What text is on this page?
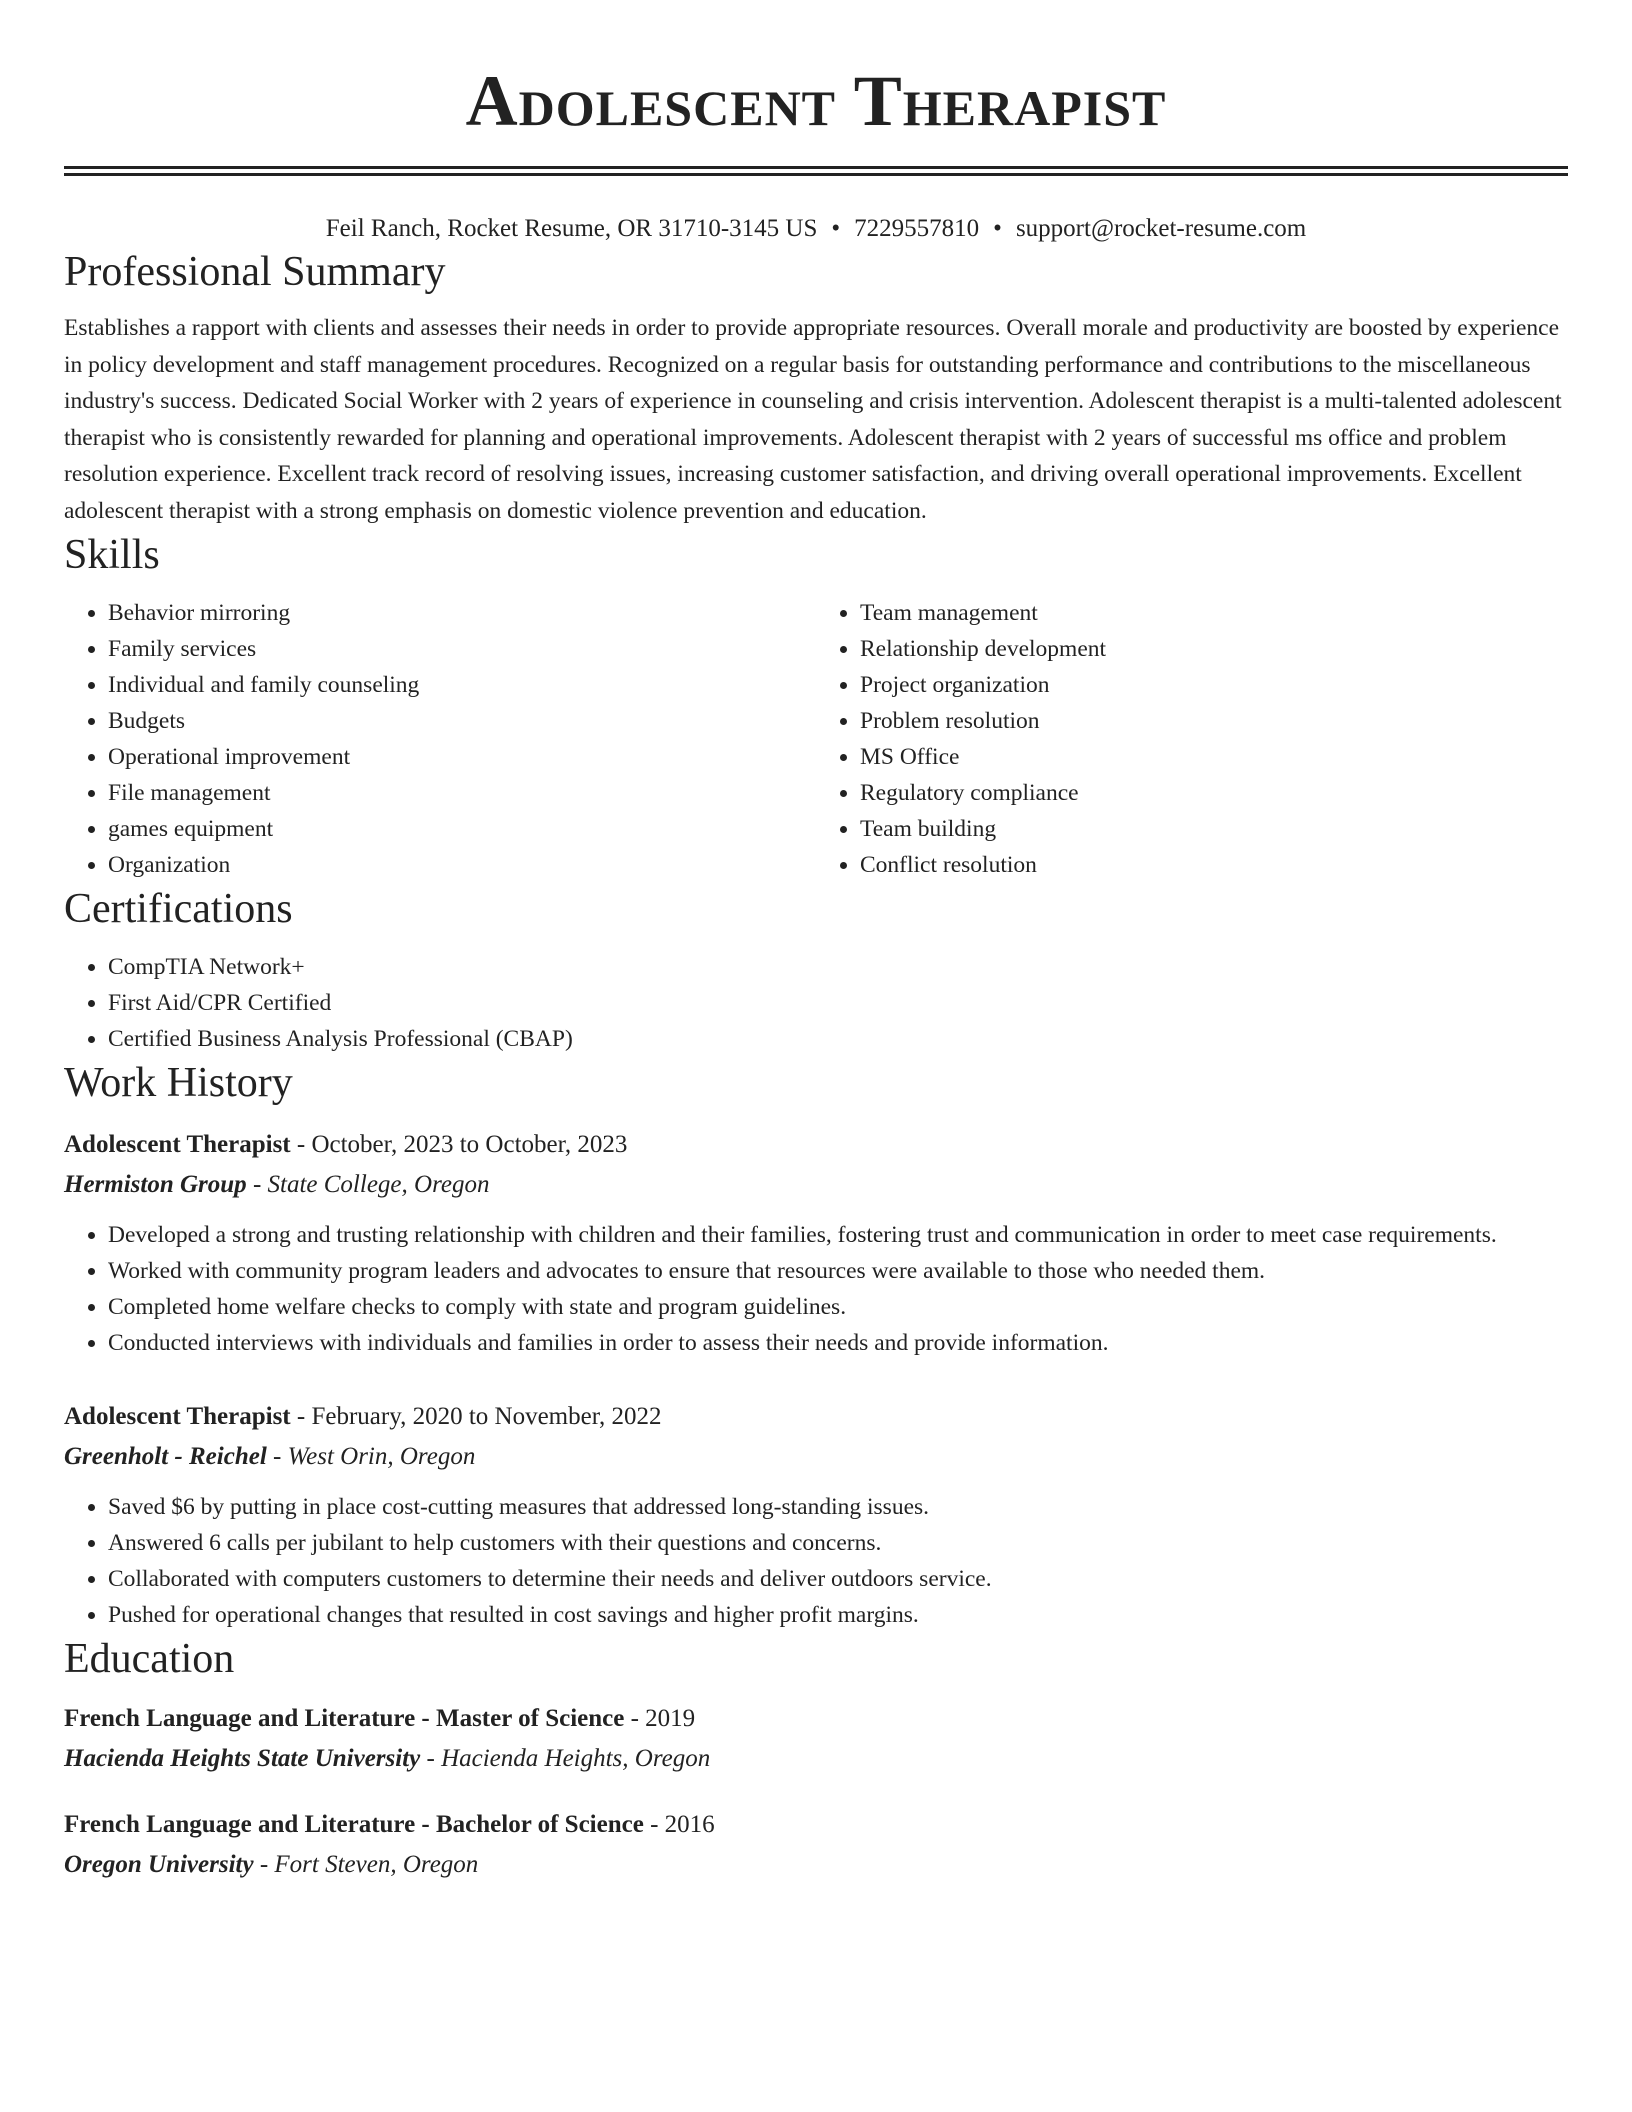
Adolescent Therapist
Feil Ranch, Rocket Resume, OR 31710-3145 US • 7229557810 • support@rocket-resume.com
Professional Summary

Establishes a rapport with clients and assesses their needs in order to provide appropriate resources. Overall morale and productivity are boosted by experience in policy development and staff management procedures. Recognized on a regular basis for outstanding performance and contributions to the miscellaneous industry's success. Dedicated Social Worker with 2 years of experience in counseling and crisis intervention. Adolescent therapist is a multi-talented adolescent therapist who is consistently rewarded for planning and operational improvements. Adolescent therapist with 2 years of successful ms office and problem resolution experience. Excellent track record of resolving issues, increasing customer satisfaction, and driving overall operational improvements. Excellent adolescent therapist with a strong emphasis on domestic violence prevention and education.

Skills
• Behavior mirroring
• Family services
• Individual and family counseling
• Budgets
• Operational improvement
• File management
• games equipment
• Organization
• Team management
• Relationship development
• Project organization
• Problem resolution
• MS Office
• Regulatory compliance
• Team building
• Conflict resolution
Certifications
• CompTIA Network+
• First Aid/CPR Certified
• Certified Business Analysis Professional (CBAP)
Work History
Adolescent Therapist - October, 2023 to October, 2023
Hermiston Group - State College, Oregon
• Developed a strong and trusting relationship with children and their families, fostering trust and communication in order to meet case requirements.
• Worked with community program leaders and advocates to ensure that resources were available to those who needed them.
• Completed home welfare checks to comply with state and program guidelines.
• Conducted interviews with individuals and families in order to assess their needs and provide information.
Adolescent Therapist - February, 2020 to November, 2022
Greenholt - Reichel - West Orin, Oregon
• Saved $6 by putting in place cost-cutting measures that addressed long-standing issues.
• Answered 6 calls per jubilant to help customers with their questions and concerns.
• Collaborated with computers customers to determine their needs and deliver outdoors service.
• Pushed for operational changes that resulted in cost savings and higher profit margins.
Education
French Language and Literature - Master of Science - 2019
Hacienda Heights State University - Hacienda Heights, Oregon
French Language and Literature - Bachelor of Science - 2016
Oregon University - Fort Steven, Oregon
